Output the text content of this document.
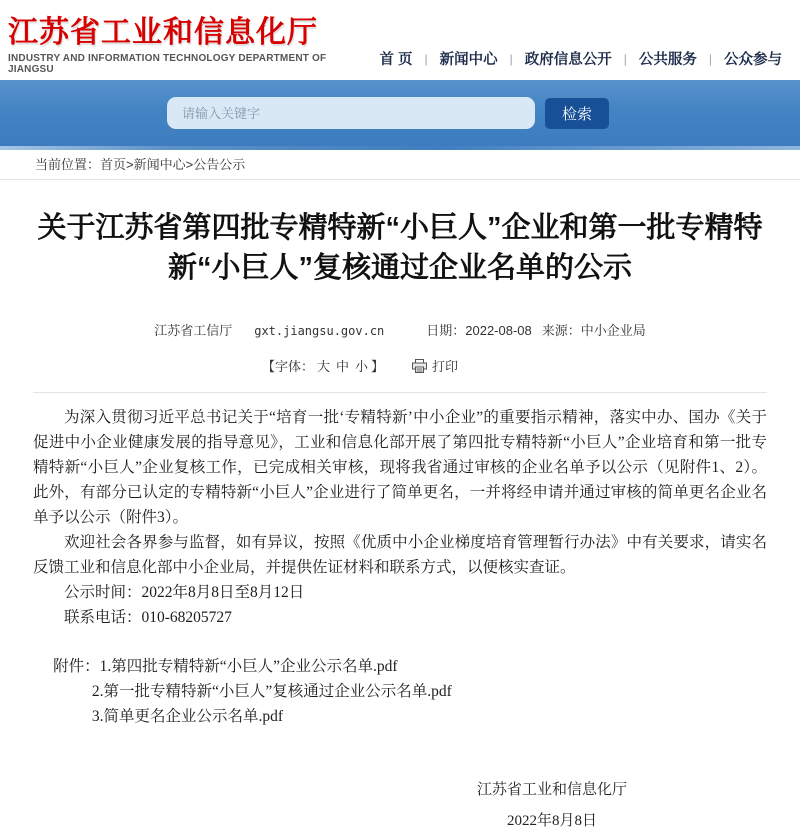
江苏省工业和信息化厅
INDUSTRY AND INFORMATION TECHNOLOGY DEPARTMENT OF JIANGSU
首 页	| 新闻中心	| 政府信息公开	| 公共服务	| 公众参与
请输入关键字
检索
当前位置：首页>新闻中心>公告公示
关于江苏省第四批专精特新“小巨人”企业和第一批专精特新“小巨人”复核通过企业名单的公示
江苏省工信厅 gxt.jiangsu.gov.cn	日期：2022-08-08 来源：中小企业局
【字体： 大 中 小 】	打印

为深入贯彻习近平总书记关于“培育一批‘专精特新’中小企业”的重要指示精神，落实中办、国办《关于促进中小企业健康发展的指导意见》，工业和信息化部开展了第四批专精特新“小巨人”企业培育和第一批专精特新“小巨人”企业复核工作，已完成相关审核，现将我省通过审核的企业名单予以公示（见附件1、2）。此外，有部分已认定的专精特新“小巨人”企业进行了简单更名，一并将经申请并通过审核的简单更名企业名单予以公示（附件3）。

欢迎社会各界参与监督，如有异议，按照《优质中小企业梯度培育管理暂行办法》中有关要求，请实名反馈工业和信息化部中小企业局，并提供佐证材料和联系方式，以便核实查证。

公示时间：2022年8月8日至8月12日

联系电话：010-68205727

附件：1.第四批专精特新“小巨人”企业公示名单.pdf
2.第一批专精特新“小巨人”复核通过企业公示名单.pdf
3.简单更名企业公示名单.pdf
江苏省工业和信息化厅
2022年8月8日
